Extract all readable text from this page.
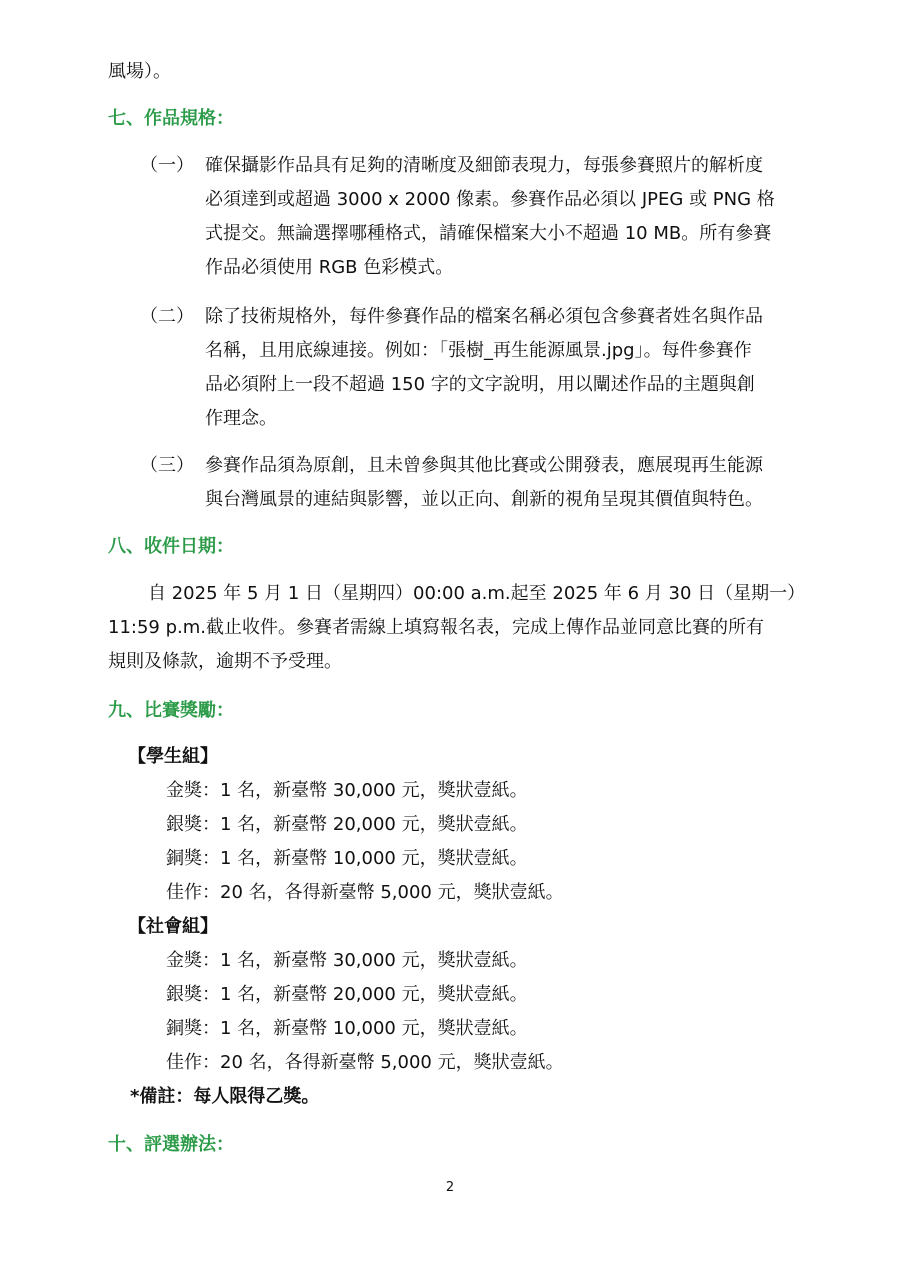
風場）。
七、作品規格：
（一） 確保攝影作品具有足夠的清晰度及細節表現力，每張參賽照片的解析度
必須達到或超過 3000 x 2000 像素。參賽作品必須以 JPEG 或 PNG 格
式提交。無論選擇哪種格式，請確保檔案大小不超過 10 MB。所有參賽
作品必須使用 RGB 色彩模式。
（二） 除了技術規格外，每件參賽作品的檔案名稱必須包含參賽者姓名與作品
名稱，且用底線連接。例如：「張樹_再生能源風景.jpg」。每件參賽作
品必須附上一段不超過 150 字的文字說明，用以闡述作品的主題與創
作理念。
（三） 參賽作品須為原創，且未曾參與其他比賽或公開發表，應展現再生能源
與台灣風景的連結與影響，並以正向、創新的視角呈現其價值與特色。
八、收件日期：
自 2025 年 5 月 1 日（星期四）00:00 a.m.起至 2025 年 6 月 30 日（星期一）
11:59 p.m.截止收件。參賽者需線上填寫報名表，完成上傳作品並同意比賽的所有
規則及條款，逾期不予受理。
九、比賽獎勵：
【學生組】
金獎：1 名，新臺幣 30,000 元，獎狀壹紙。
銀獎：1 名，新臺幣 20,000 元，獎狀壹紙。
銅獎：1 名，新臺幣 10,000 元，獎狀壹紙。
佳作：20 名，各得新臺幣 5,000 元，獎狀壹紙。
【社會組】
金獎：1 名，新臺幣 30,000 元，獎狀壹紙。
銀獎：1 名，新臺幣 20,000 元，獎狀壹紙。
銅獎：1 名，新臺幣 10,000 元，獎狀壹紙。
佳作：20 名，各得新臺幣 5,000 元，獎狀壹紙。
*備註：每人限得乙獎。
十、評選辦法：
2
